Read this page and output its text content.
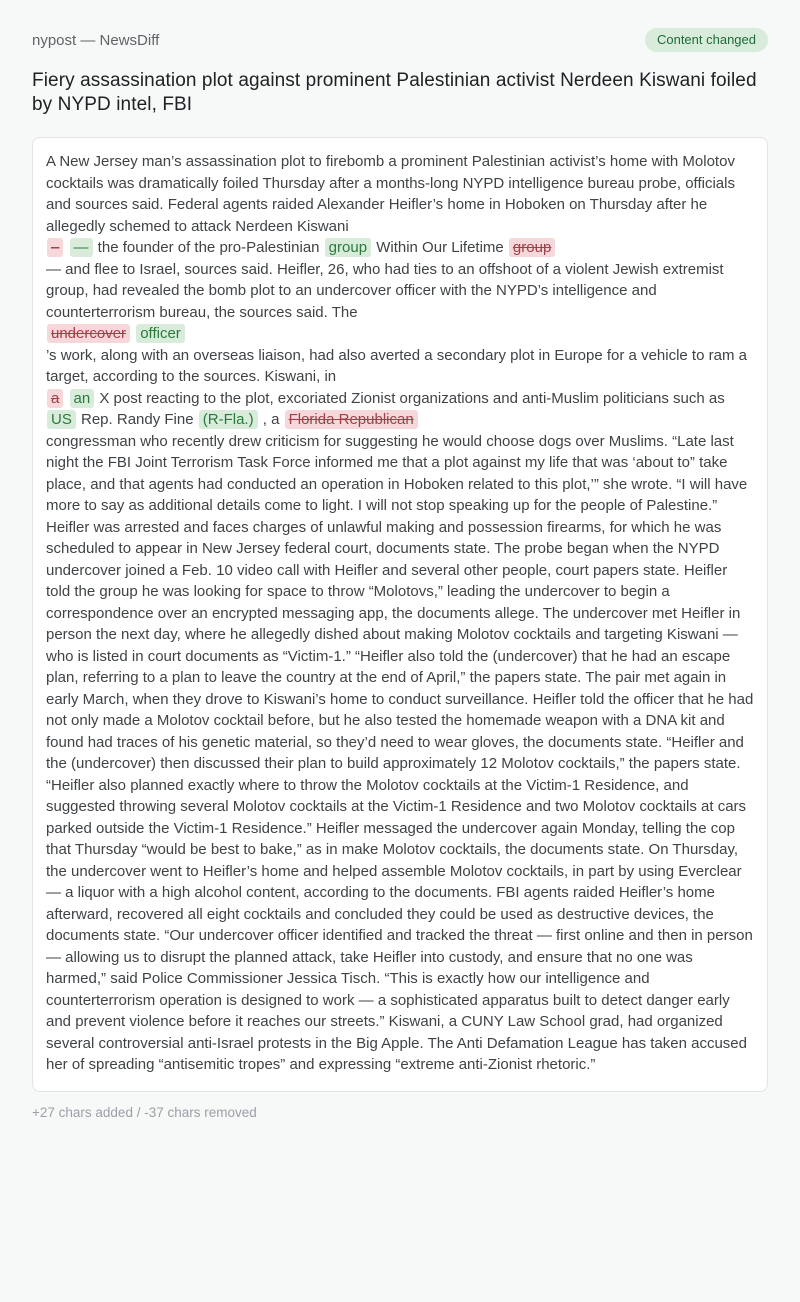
nypost — NewsDiff	Content changed
Fiery assassination plot against prominent Palestinian activist Nerdeen Kiswani foiled by NYPD intel, FBI
A New Jersey man’s assassination plot to firebomb a prominent Palestinian activist’s home with Molotov cocktails was dramatically foiled Thursday after a months-long NYPD intelligence bureau probe, officials and sources said. Federal agents raided Alexander Heifler’s home in Hoboken on Thursday after he allegedly schemed to attack Nerdeen Kiswani
– — the founder of the pro-Palestinian group Within Our Lifetime group
— and flee to Israel, sources said. Heifler, 26, who had ties to an offshoot of a violent Jewish extremist group, had revealed the bomb plot to an undercover officer with the NYPD’s intelligence and counterterrorism bureau, the sources said. The
undercover officer
’s work, along with an overseas liaison, had also averted a secondary plot in Europe for a vehicle to ram a target, according to the sources. Kiswani, in
a an X post reacting to the plot, excoriated Zionist organizations and anti-Muslim politicians such as US Rep. Randy Fine (R-Fla.) , a Florida Republican
congressman who recently drew criticism for suggesting he would choose dogs over Muslims. “Late last night the FBI Joint Terrorism Task Force informed me that a plot against my life that was ‘about to” take place, and that agents had conducted an operation in Hoboken related to this plot,’” she wrote. “I will have more to say as additional details come to light. I will not stop speaking up for the people of Palestine.” Heifler was arrested and faces charges of unlawful making and possession firearms, for which he was scheduled to appear in New Jersey federal court, documents state. The probe began when the NYPD undercover joined a Feb. 10 video call with Heifler and several other people, court papers state. Heifler told the group he was looking for space to throw “Molotovs,” leading the undercover to begin a correspondence over an encrypted messaging app, the documents allege. The undercover met Heifler in person the next day, where he allegedly dished about making Molotov cocktails and targeting Kiswani — who is listed in court documents as “Victim-1.” “Heifler also told the (undercover) that he had an escape plan, referring to a plan to leave the country at the end of April,” the papers state. The pair met again in early March, when they drove to Kiswani’s home to conduct surveillance. Heifler told the officer that he had not only made a Molotov cocktail before, but he also tested the homemade weapon with a DNA kit and found had traces of his genetic material, so they’d need to wear gloves, the documents state. “Heifler and the (undercover) then discussed their plan to build approximately 12 Molotov cocktails,” the papers state. “Heifler also planned exactly where to throw the Molotov cocktails at the Victim-1 Residence, and suggested throwing several Molotov cocktails at the Victim-1 Residence and two Molotov cocktails at cars parked outside the Victim-1 Residence.” Heifler messaged the undercover again Monday, telling the cop that Thursday “would be best to bake,” as in make Molotov cocktails, the documents state. On Thursday, the undercover went to Heifler’s home and helped assemble Molotov cocktails, in part by using Everclear — a liquor with a high alcohol content, according to the documents. FBI agents raided Heifler’s home afterward, recovered all eight cocktails and concluded they could be used as destructive devices, the documents state. “Our undercover officer identified and tracked the threat — first online and then in person — allowing us to disrupt the planned attack, take Heifler into custody, and ensure that no one was harmed,” said Police Commissioner Jessica Tisch. “This is exactly how our intelligence and counterterrorism operation is designed to work — a sophisticated apparatus built to detect danger early and prevent violence before it reaches our streets.” Kiswani, a CUNY Law School grad, had organized several controversial anti-Israel protests in the Big Apple. The Anti Defamation League has taken accused her of spreading “antisemitic tropes” and expressing “extreme anti-Zionist rhetoric.”
+27 chars added / -37 chars removed
